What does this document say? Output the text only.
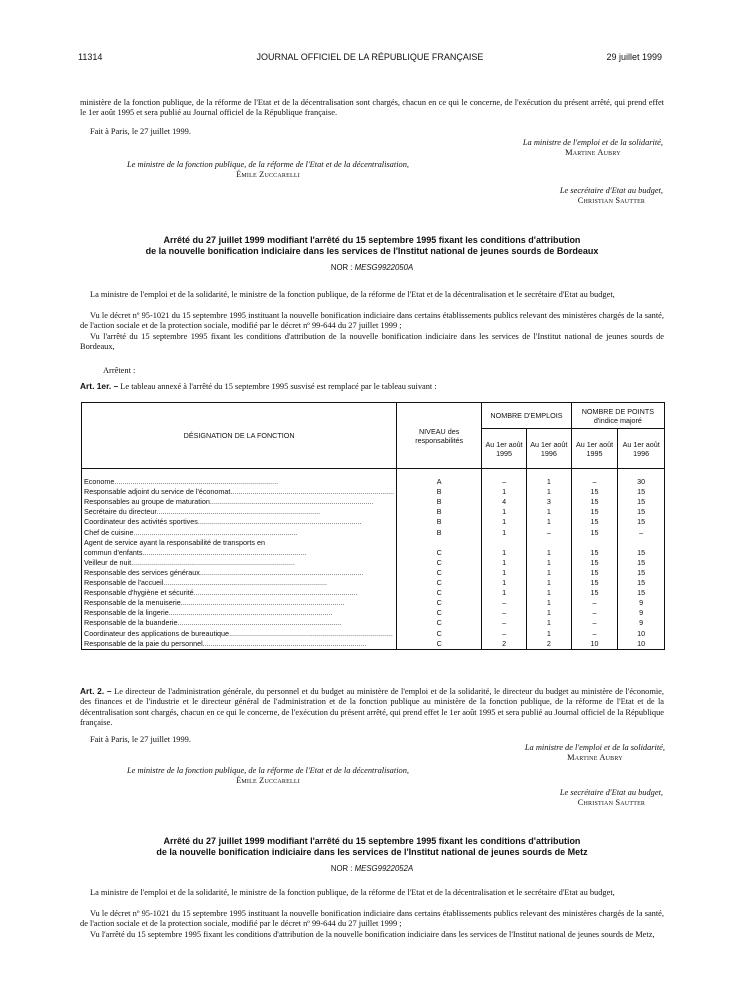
11314	JOURNAL OFFICIEL DE LA RÉPUBLIQUE FRANÇAISE	29 juillet 1999
ministère de la fonction publique, de la réforme de l'Etat et de la décentralisation sont chargés, chacun en ce qui le concerne, de l'exécution du présent arrêté, qui prend effet le 1er août 1995 et sera publié au Journal officiel de la République française.
Fait à Paris, le 27 juillet 1999.
La ministre de l'emploi et de la solidarité,
Martine Aubry
Le ministre de la fonction publique, de la réforme de l'Etat et de la décentralisation,
Émile Zuccarelli
Le secrétaire d'Etat au budget,
Christian Sautter
Arrêté du 27 juillet 1999 modifiant l'arrêté du 15 septembre 1995 fixant les conditions d'attribution
de la nouvelle bonification indiciaire dans les services de l'Institut national de jeunes sourds de Bordeaux
NOR : MESG9922050A
La ministre de l'emploi et de la solidarité, le ministre de la fonction publique, de la réforme de l'Etat et de la décentralisation et le secrétaire d'Etat au budget,
Vu le décret nº 95-1021 du 15 septembre 1995 instituant la nouvelle bonification indiciaire dans certains établissements publics relevant des ministères chargés de la santé, de l'action sociale et de la protection sociale, modifié par le décret nº 99-644 du 27 juillet 1999 ;
Vu l'arrêté du 15 septembre 1995 fixant les conditions d'attribution de la nouvelle bonification indiciaire dans les services de l'Institut national de jeunes sourds de Bordeaux,
Arrêtent :
Art. 1er. – Le tableau annexé à l'arrêté du 15 septembre 1995 susvisé est remplacé par le tableau suivant :
DÉSIGNATION DE LA FONCTION	NIVEAU des responsabilités	NOMBRE D'EMPLOIS		NOMBRE DE POINTS d'indice majoré	
		Au 1er août 1995	Au 1er août 1996	Au 1er août 1995	Au 1er août 1996

Econome..................................................................................	A	–	1	–	30
Responsable adjoint du service de l'économat..................................................................................	B	1	1	15	15
Responsables au groupe de maturation..................................................................................	B	4	3	15	15
Secrétaire du directeur..................................................................................	B	1	1	15	15
Coordinateur des activités sportives..................................................................................	B	1	1	15	15
Chef de cuisine..................................................................................	B	1	–	15	–
Agent de service ayant la responsabilité de transports en					
commun d'enfants..................................................................................	C	1	1	15	15
Veilleur de nuit..................................................................................	C	1	1	15	15
Responsable des services généraux..................................................................................	C	1	1	15	15
Responsable de l'accueil..................................................................................	C	1	1	15	15
Responsable d'hygiène et sécurité..................................................................................	C	1	1	15	15
Responsable de la menuiserie..................................................................................	C	–	1	–	9
Responsable de la lingerie..................................................................................	C	–	1	–	9
Responsable de la buanderie..................................................................................	C	–	1	–	9
Coordinateur des applications de bureautique..................................................................................	C	–	1	–	10
Responsable de la paie du personnel..................................................................................	C	2	2	10	10
Art. 2. – Le directeur de l'administration générale, du personnel et du budget au ministère de l'emploi et de la solidarité, le directeur du budget au ministère de l'économie, des finances et de l'industrie et le directeur général de l'administration et de la fonction publique au ministère de la fonction publique, de la réforme de l'Etat et de la décentralisation sont chargés, chacun en ce qui le concerne, de l'exécution du présent arrêté, qui prend effet le 1er août 1995 et sera publié au Journal officiel de la République française.
Fait à Paris, le 27 juillet 1999.
La ministre de l'emploi et de la solidarité,
Martine Aubry
Le ministre de la fonction publique, de la réforme de l'Etat et de la décentralisation,
Émile Zuccarelli
Le secrétaire d'Etat au budget,
Christian Sautter
Arrêté du 27 juillet 1999 modifiant l'arrêté du 15 septembre 1995 fixant les conditions d'attribution
de la nouvelle bonification indiciaire dans les services de l'Institut national de jeunes sourds de Metz
NOR : MESG9922052A
La ministre de l'emploi et de la solidarité, le ministre de la fonction publique, de la réforme de l'Etat et de la décentralisation et le secrétaire d'Etat au budget,
Vu le décret nº 95-1021 du 15 septembre 1995 instituant la nouvelle bonification indiciaire dans certains établissements publics relevant des ministères chargés de la santé, de l'action sociale et de la protection sociale, modifié par le décret nº 99-644 du 27 juillet 1999 ;
Vu l'arrêté du 15 septembre 1995 fixant les conditions d'attribution de la nouvelle bonification indiciaire dans les services de l'Institut national de jeunes sourds de Metz,
